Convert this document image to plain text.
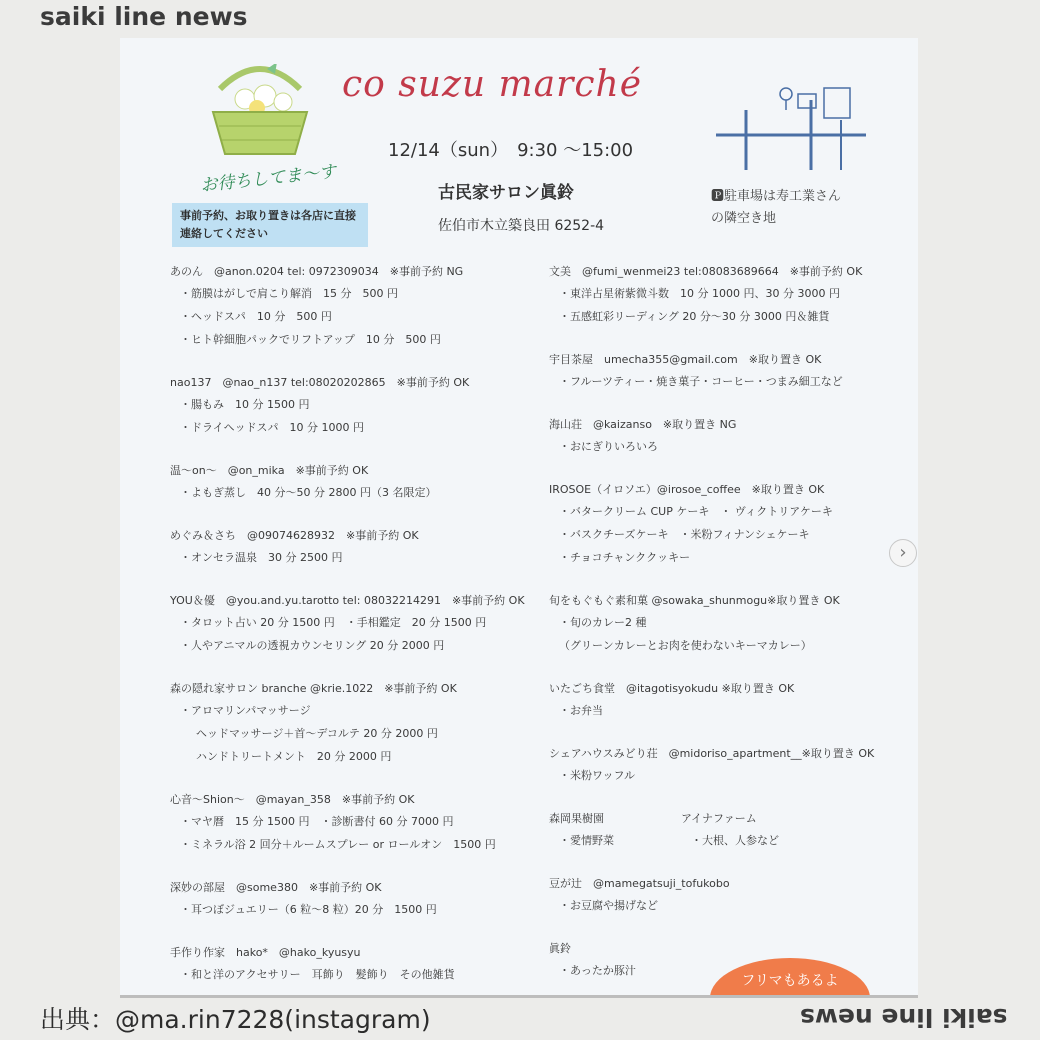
saiki line news
co suzu marché
12/14（sun）　9:30 〜15:00
古民家サロン眞鈴
佐伯市木立築良田 6252-4
🅿駐車場は寿工業さん
の隣空き地
お待ちしてま〜す
事前予約、お取り置きは各店に直接連絡してください
あのん　@anon.0204 tel: 0972309034　※事前予約 NG
・筋膜はがしで肩こり解消　15 分　500 円
・ヘッドスパ　10 分　500 円
・ヒト幹細胞パックでリフトアップ　10 分　500 円
nao137　@nao_n137 tel:08020202865　※事前予約 OK
・腸もみ　10 分 1500 円
・ドライヘッドスパ　10 分 1000 円
温〜on〜　@on_mika　※事前予約 OK
・よもぎ蒸し　40 分〜50 分 2800 円（3 名限定）
めぐみ＆さち　@09074628932　※事前予約 OK
・オンセラ温泉　30 分 2500 円
YOU＆優　@you.and.yu.tarotto tel: 08032214291　※事前予約 OK
・タロット占い 20 分 1500 円　・手相鑑定　20 分 1500 円
・人やアニマルの透視カウンセリング 20 分 2000 円
森の隠れ家サロン branche @krie.1022　※事前予約 OK
・アロマリンパマッサージ
ヘッドマッサージ＋首〜デコルテ 20 分 2000 円
ハンドトリートメント　20 分 2000 円
心音〜Shion〜　@mayan_358　※事前予約 OK
・マヤ暦　15 分 1500 円　・診断書付 60 分 7000 円
・ミネラル浴 2 回分＋ルームスプレー or ロールオン　1500 円
深妙の部屋　@some380　※事前予約 OK
・耳つぼジュエリー（6 粒〜8 粒）20 分　1500 円
手作り作家　hako*　@hako_kyusyu
・和と洋のアクセサリー　耳飾り　髪飾り　その他雑貨
文美　@fumi_wenmei23 tel:08083689664　※事前予約 OK
・東洋占星術紫微斗数　10 分 1000 円、30 分 3000 円
・五感虹彩リーディング 20 分〜30 分 3000 円＆雑貨
宇目茶屋　umecha355@gmail.com　※取り置き OK
・フルーツティー・焼き菓子・コーヒー・つまみ細工など
海山荘　@kaizanso　※取り置き NG
・おにぎりいろいろ
IROSOE（イロソエ）@irosoe_coffee　※取り置き OK
・バタークリーム CUP ケーキ　・ ヴィクトリアケーキ
・バスクチーズケーキ　・米粉フィナンシェケーキ
・チョコチャンククッキー
旬をもぐもぐ素和菓 @sowaka_shunmogu※取り置き OK
・旬のカレー2 種
（グリーンカレーとお肉を使わないキーマカレー）
いたごち食堂　@itagotisyokudu ※取り置き OK
・お弁当
シェアハウスみどり荘　@midoriso_apartment__※取り置き OK
・米粉ワッフル
森岡果樹園　　　　　　　アイナファーム
・愛情野菜　　　　　　　・大根、人参など
豆が辻　@mamegatsuji_tofukobo
・お豆腐や揚げなど
眞鈴
・あったか豚汁
フリマもあるよ
›
出典：@ma.rin7228(instagram)	saiki line news
